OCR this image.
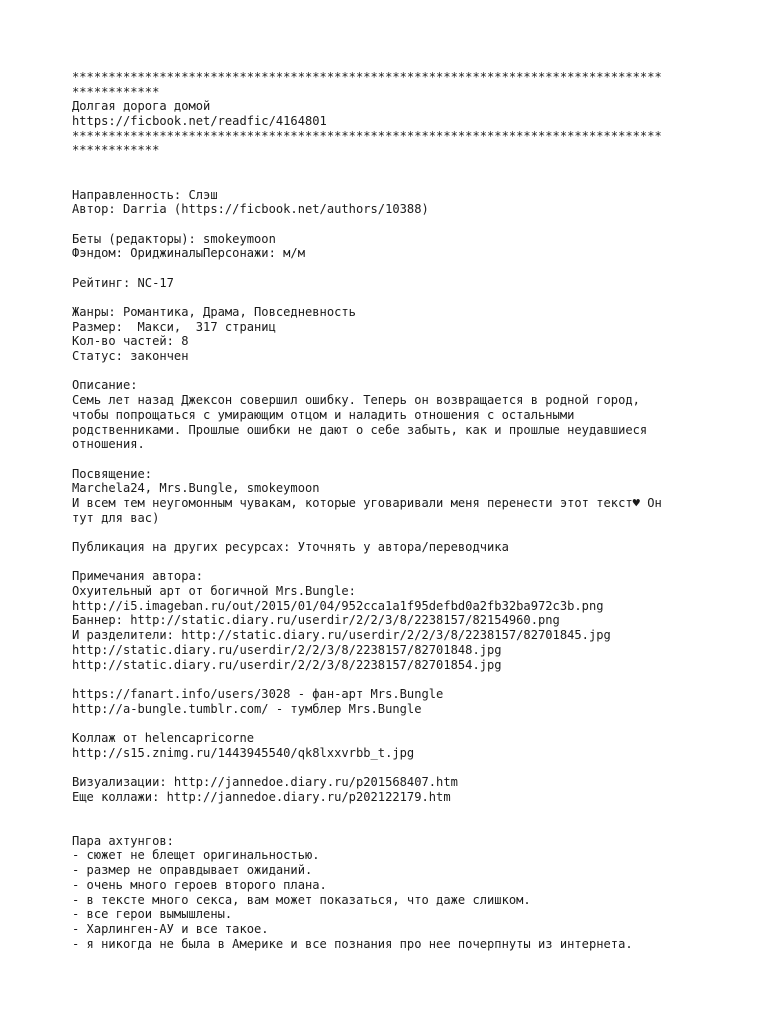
*********************************************************************************
************
Долгая дорога домой
https://ficbook.net/readfic/4164801
*********************************************************************************
************
Направленность: Слэш
Автор: Darria (https://ficbook.net/authors/10388)
Беты (редакторы): smokeymoon
Фэндом: ОриджиналыПерсонажи: м/м
Рейтинг: NC-17
Жанры: Романтика, Драма, Повседневность
Размер:  Макси,  317 страниц
Кол-во частей: 8
Статус: закончен
Описание:
Семь лет назад Джексон совершил ошибку. Теперь он возвращается в родной город,
чтобы попрощаться с умирающим отцом и наладить отношения с остальными
родственниками. Прошлые ошибки не дают о себе забыть, как и прошлые неудавшиеся
отношения.
Посвящение:
Marchela24, Mrs.Bungle, smokeymoon
И всем тем неугомонным чувакам, которые уговаривали меня перенести этот текст♥ Он
тут для вас)
Публикация на других ресурсах: Уточнять у автора/переводчика
Примечания автора:
Охуительный арт от богичной Mrs.Bungle:
http://i5.imageban.ru/out/2015/01/04/952cca1a1f95defbd0a2fb32ba972c3b.png
Баннер: http://static.diary.ru/userdir/2/2/3/8/2238157/82154960.png
И разделители: http://static.diary.ru/userdir/2/2/3/8/2238157/82701845.jpg
http://static.diary.ru/userdir/2/2/3/8/2238157/82701848.jpg
http://static.diary.ru/userdir/2/2/3/8/2238157/82701854.jpg
https://fanart.info/users/3028 - фан-арт Mrs.Bungle
http://a-bungle.tumblr.com/ - тумблер Mrs.Bungle
Коллаж от helencapricorne
http://s15.znimg.ru/1443945540/qk8lxxvrbb_t.jpg
Визуализации: http://jannedoe.diary.ru/p201568407.htm
Еще коллажи: http://jannedoe.diary.ru/p202122179.htm
Пара ахтунгов:
- сюжет не блещет оригинальностью.
- размер не оправдывает ожиданий.
- очень много героев второго плана.
- в тексте много секса, вам может показаться, что даже слишком.
- все герои вымышлены.
- Харлинген-АУ и все такое.
- я никогда не была в Америке и все познания про нее почерпнуты из интернета.
